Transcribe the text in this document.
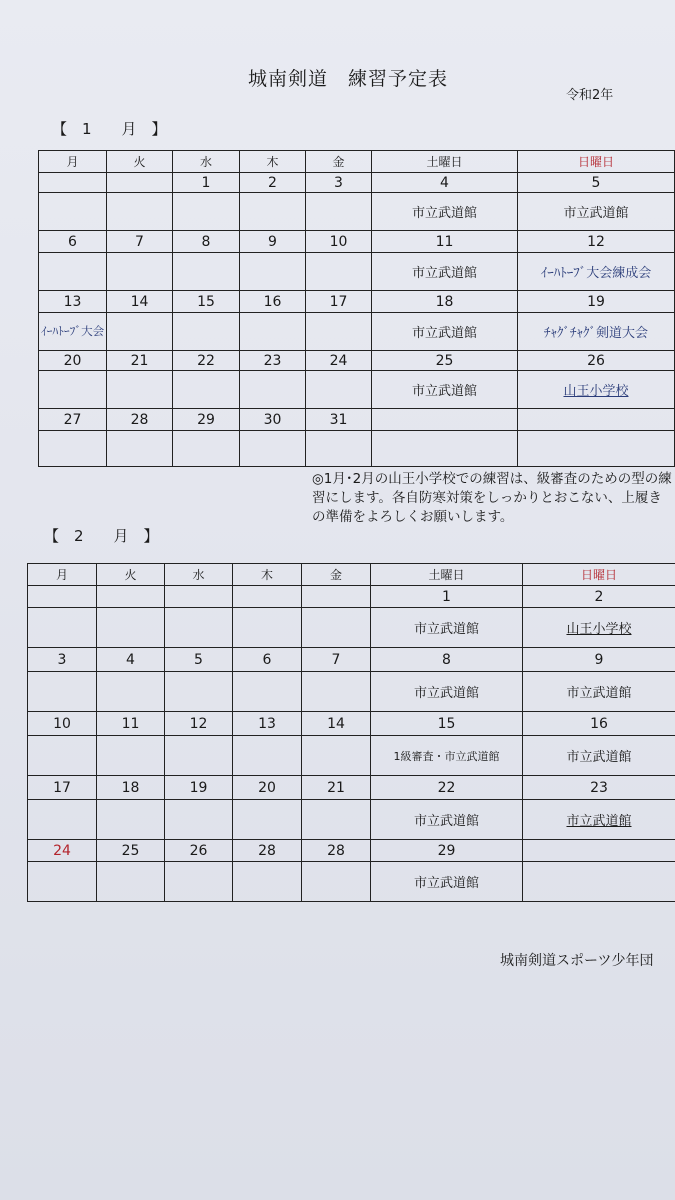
城南剣道　練習予定表
令和2年
【　1　　月　】
月	火	水	木	金	土曜日	日曜日
		1	2	3	4	5
					市立武道館	市立武道館
6	7	8	9	10	11	12
					市立武道館	ｲｰﾊﾄｰﾌﾞ大会練成会
13	14	15	16	17	18	19
ｲｰﾊﾄｰﾌﾞ大会					市立武道館	ﾁｬｸﾞﾁｬｸﾞ剣道大会
20	21	22	23	24	25	26
					市立武道館	山王小学校
27	28	29	30	31		

◎1月･2月の山王小学校での練習は、級審査のための型の練習にします。各自防寒対策をしっかりとおこない、上履きの準備をよろしくお願いします。
【　2　　月　】
月	火	水	木	金	土曜日	日曜日
					1	2
					市立武道館	山王小学校
3	4	5	6	7	8	9
					市立武道館	市立武道館
10	11	12	13	14	15	16
					1級審査・市立武道館	市立武道館
17	18	19	20	21	22	23
					市立武道館	市立武道館
24	25	26	28	28	29	
					市立武道館	
城南剣道スポーツ少年団
